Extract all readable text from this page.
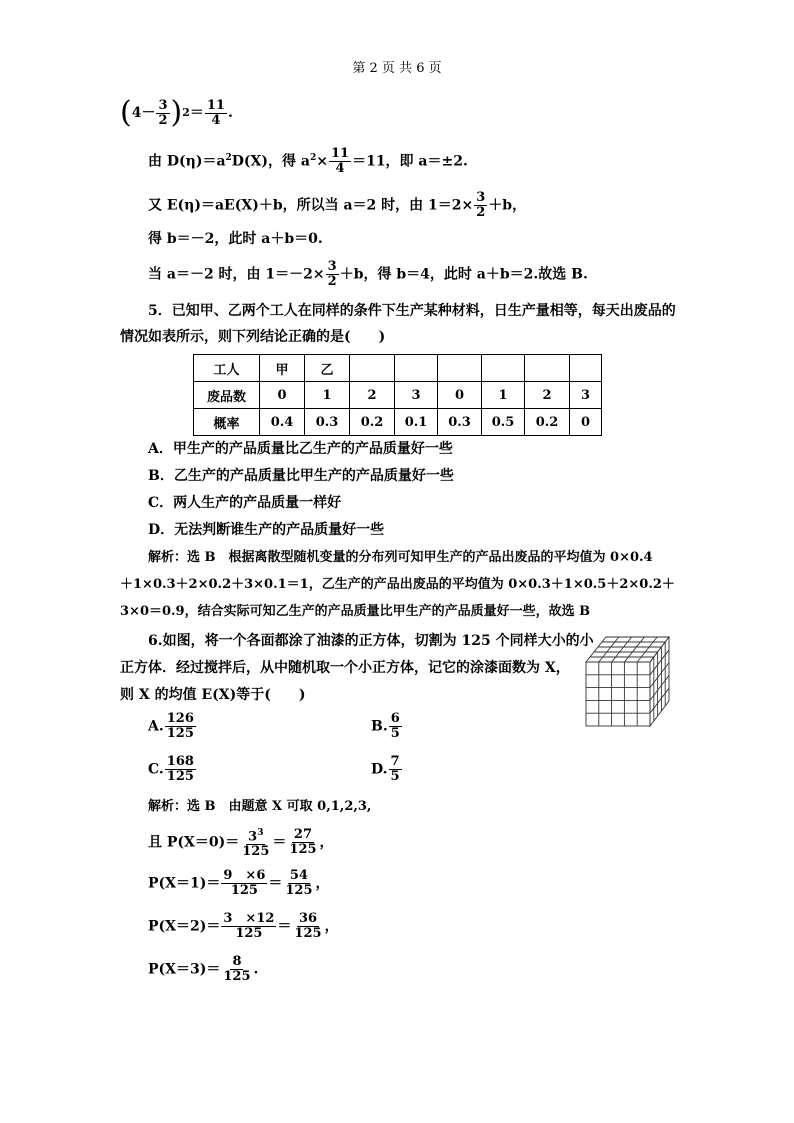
第 2 页 共 6 页
$(4- \frac{3}{2} )2= \frac{11}{4}$ .
由 $D(\eta)=a^2D(X)$，得 $a^2\times \frac{11}{4} =11$，即 a＝±2.
又 E(η)＝aE(X)＋b，所以当 a＝2 时，由 $1=2\times \frac{3}{2} +b$，
得 b＝－2，此时 a＋b＝0.
当 a＝－2 时，由 $1=-2\times \frac{3}{2} +b$，得 b＝4，此时 a＋b＝2.故选 B.
5．已知甲、乙两个工人在同样的条件下生产某种材料，日生产量相等，每天出废品的
情况如表所示，则下列结论正确的是(　　)
工人	甲	乙						
废品数	0	1	2	3	0	1	2	3
概率	0.4	0.3	0.2	0.1	0.3	0.5	0.2	0
A．甲生产的产品质量比乙生产的产品质量好一些
B．乙生产的产品质量比甲生产的产品质量好一些
C．两人生产的产品质量一样好
D．无法判断谁生产的产品质量好一些
解析：选 B　根据离散型随机变量的分布列可知甲生产的产品出废品的平均值为 0×0.4
＋1×0.3＋2×0.2＋3×0.1＝1，乙生产的产品出废品的平均值为 0×0.3＋1×0.5＋2×0.2＋
3×0＝0.9，结合实际可知乙生产的产品质量比甲生产的产品质量好一些，故选 B
6.如图，将一个各面都涂了油漆的正方体，切割为 125 个同样大小的小
正方体．经过搅拌后，从中随机取一个小正方体，记它的涂漆面数为 X，
则 X 的均值 E(X)等于(　　)
A. $\frac{126}{125}$	B. $\frac{6}{5}$
C. $\frac{168}{125}$	D. $\frac{7}{5}$
解析：选 B　由题意 X 可取 0,1,2,3,
且 $P(X=0)= \frac{3^3}{125} = \frac{27}{125}$ ，
$P(X=1)= \frac{9 \times 6}{125} = \frac{54}{125}$ ，
$P(X=2)= \frac{3 \times 12}{125} = \frac{36}{125}$ ，
$P(X=3)= \frac{8}{125}$ .
